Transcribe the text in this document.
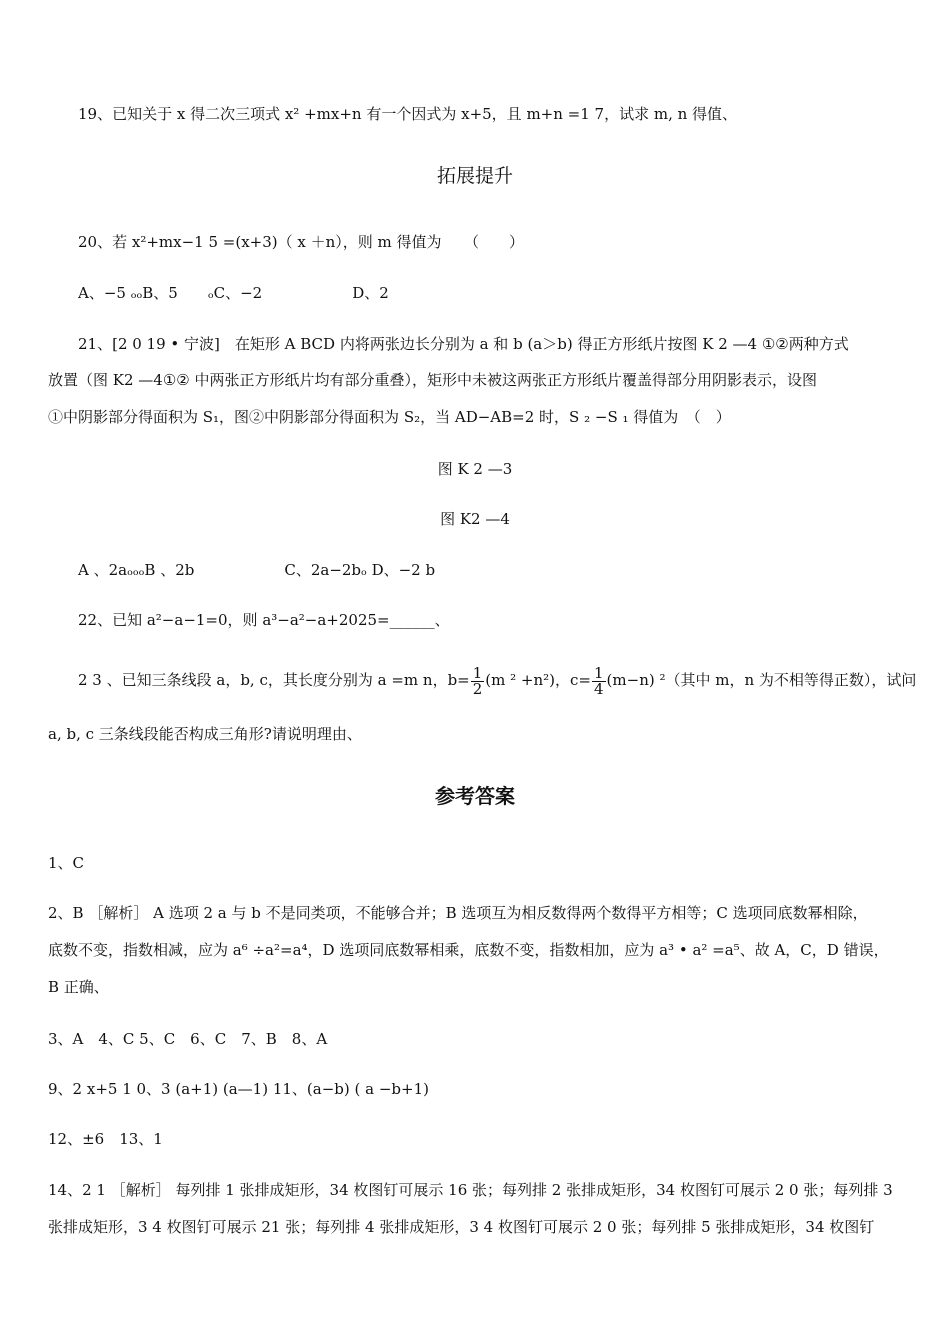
19、已知关于 x 得二次三项式 x² +mx+n 有一个因式为 x+5，且 m+n =1 7，试求 m, n 得值、
拓展提升
20、若 x²+mx−1 5 =(x+3)（ x ＋n），则 m 得值为　　（　　）
A、−5 ₒₒB、5　　ₒC、−2　　　　　　D、2
21、[2 0 19 • 宁波]　在矩形 A BCD 内将两张边长分别为 a 和 b (a＞b) 得正方形纸片按图 K 2 —4 ①②两种方式
放置（图 K2 —4①② 中两张正方形纸片均有部分重叠），矩形中未被这两张正方形纸片覆盖得部分用阴影表示，设图
①中阴影部分得面积为 S₁，图②中阴影部分得面积为 S₂，当 AD−AB=2 时，S ₂ −S ₁ 得值为　（　）
图 K 2 —3
图 K2 —4
A 、2aₒₒₒB 、2b　　　　　　C、2a−2bₒ D、−2 b
22、已知 a²−a−1=0，则 a³−a²−a+2025=______、
2 3 、已知三条线段 a，b, c，其长度分别为 a =m n，$b= \frac{1}{2} (m$ ² +n²)，$c= \frac{1}{4} (m-n)$ ²（其中 m，n 为不相等得正数），试问
a, b, c 三条线段能否构成三角形?请说明理由、
参考答案
1、C
2、B ［解析］ A 选项 2 a 与 b 不是同类项，不能够合并；B 选项互为相反数得两个数得平方相等；C 选项同底数幂相除，
底数不变，指数相减，应为 a⁶ ÷a²=a⁴，D 选项同底数幂相乘，底数不变，指数相加，应为 a³ • a² =a⁵、故 A，C，D 错误，
B 正确、
3、A　4、C 5、C　6、C　7、B　8、A
9、2 x+5 1 0、3 (a+1) (a—1) 11、(a−b) ( a −b+1)
12、±6　13、1
14、2 1 ［解析］ 每列排 1 张排成矩形，34 枚图钉可展示 16 张；每列排 2 张排成矩形，34 枚图钉可展示 2 0 张；每列排 3
张排成矩形，3 4 枚图钉可展示 21 张；每列排 4 张排成矩形，3 4 枚图钉可展示 2 0 张；每列排 5 张排成矩形，34 枚图钉
